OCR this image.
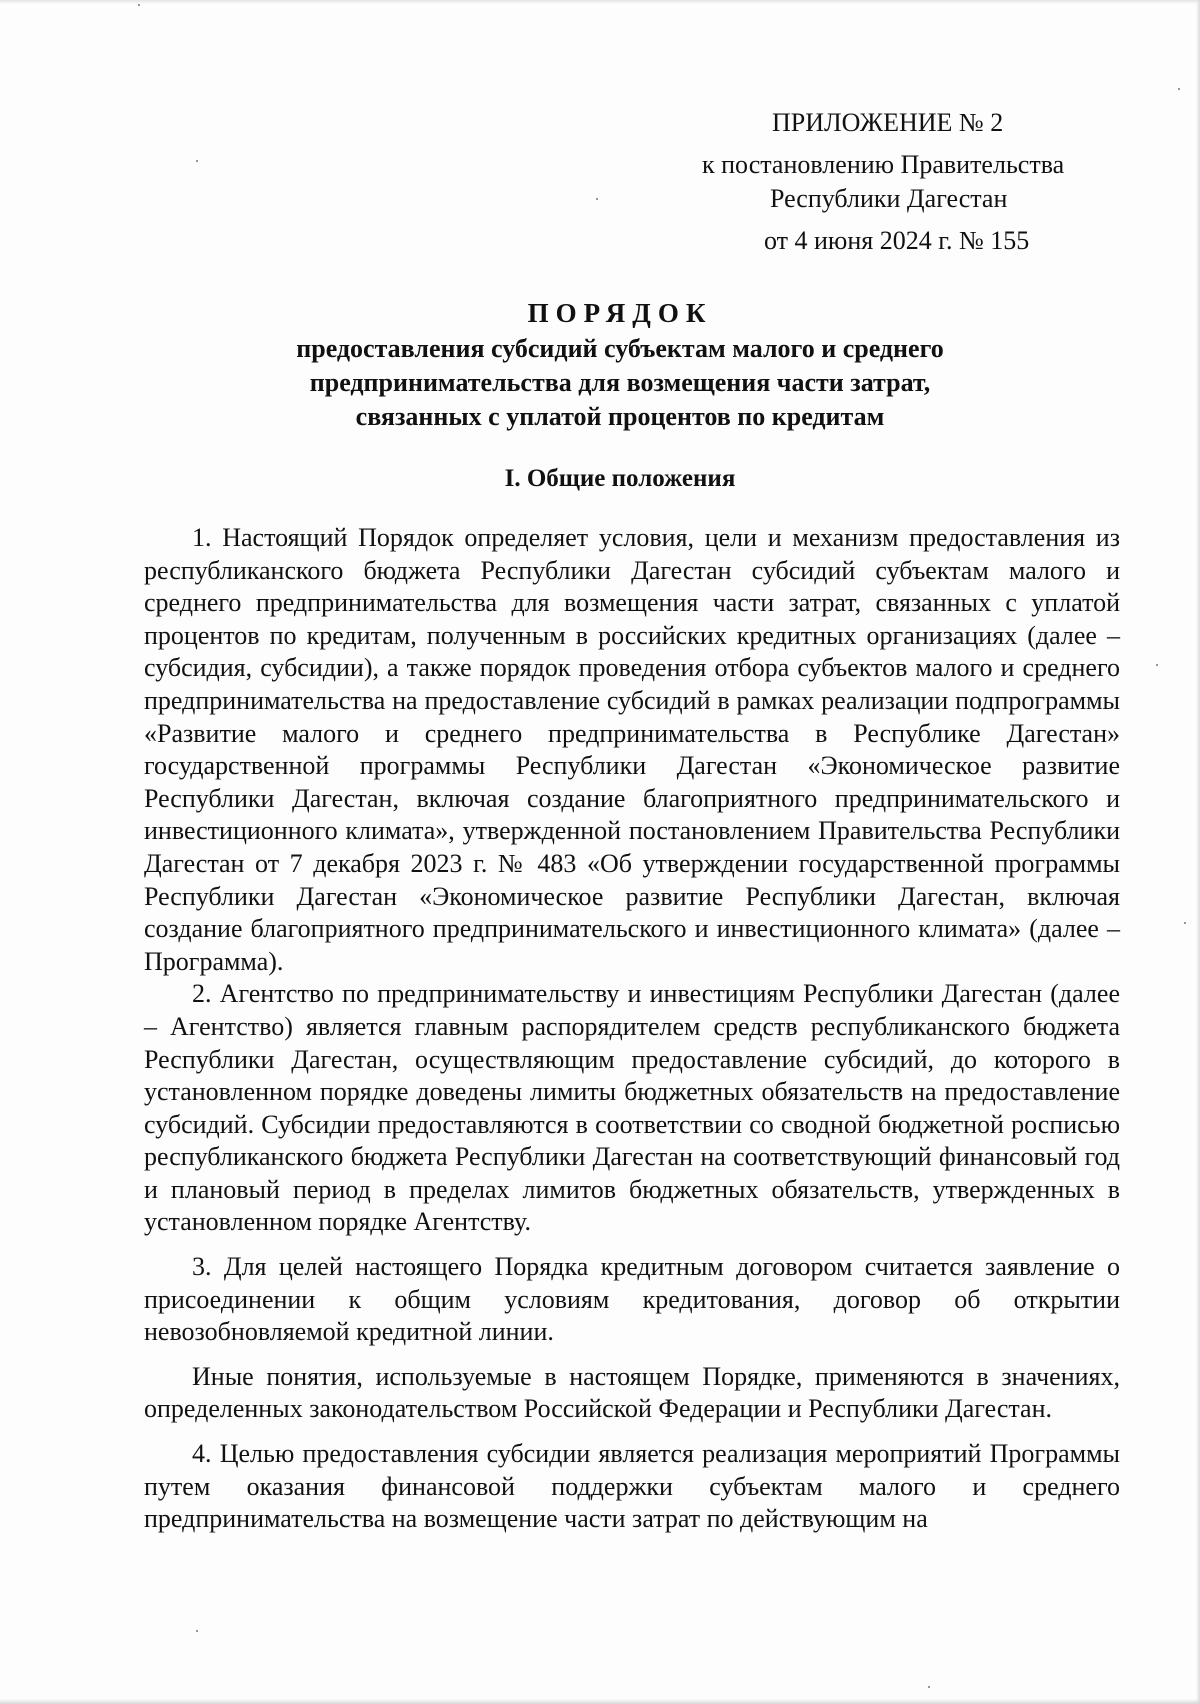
ПРИЛОЖЕНИЕ № 2
к постановлению Правительства
Республики Дагестан
от 4 июня 2024 г. № 155
ПОРЯДОК

предоставления субсидий субъектам малого и среднего

предпринимательства для возмещения части затрат,

связанных с уплатой процентов по кредитам

I. Общие положения

1. Настоящий Порядок определяет условия, цели и механизм предоставления из республиканского бюджета Республики Дагестан субсидий субъектам малого и среднего предпринимательства для возмещения части затрат, связанных с уплатой процентов по кредитам, полученным в российских кредитных организациях (далее – субсидия, субсидии), а также порядок проведения отбора субъектов малого и среднего предпринимательства на предоставление субсидий в рамках реализации подпрограммы «Развитие малого и среднего предпринимательства в Республике Дагестан» государственной программы Республики Дагестан «Экономическое развитие Республики Дагестан, включая создание благоприятного предпринимательского и инвестиционного климата», утвержденной постановлением Правительства Республики Дагестан от 7 декабря 2023 г. № 483 «Об утверждении государственной программы Республики Дагестан «Экономическое развитие Республики Дагестан, включая создание благоприятного предпринимательского и инвестиционного климата» (далее – Программа).

2. Агентство по предпринимательству и инвестициям Республики Дагестан (далее – Агентство) является главным распорядителем средств республиканского бюджета Республики Дагестан, осуществляющим предоставление субсидий, до которого в установленном порядке доведены лимиты бюджетных обязательств на предоставление субсидий. Субсидии предоставляются в соответствии со сводной бюджетной росписью республиканского бюджета Республики Дагестан на соответствующий финансовый год и плановый период в пределах лимитов бюджетных обязательств, утвержденных в установленном порядке Агентству.

3. Для целей настоящего Порядка кредитным договором считается заявление о присоединении к общим условиям кредитования, договор об открытии невозобновляемой кредитной линии.

Иные понятия, используемые в настоящем Порядке, применяются в значениях, определенных законодательством Российской Федерации и Республики Дагестан.

4. Целью предоставления субсидии является реализация мероприятий Программы путем оказания финансовой поддержки субъектам малого и среднего предпринимательства на возмещение части затрат по действующим на
